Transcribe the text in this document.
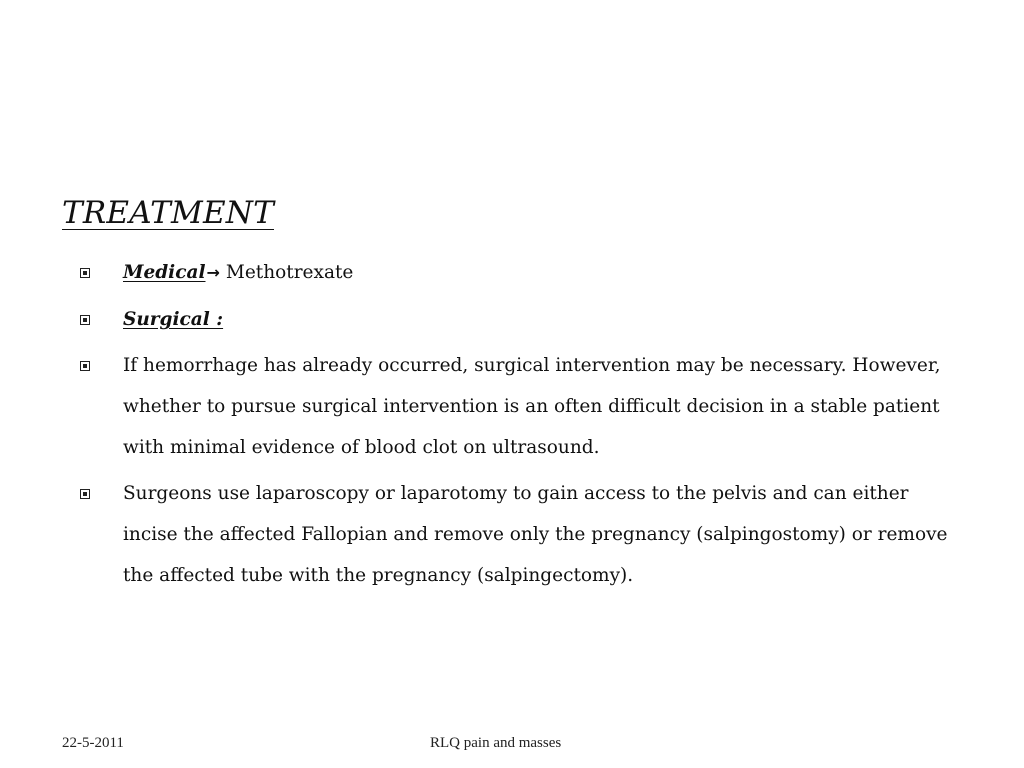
TREATMENT
Medical→ Methotrexate
Surgical :
If hemorrhage has already occurred, surgical intervention may be necessary. However, whether to pursue surgical intervention is an often difficult decision in a stable patient with minimal evidence of blood clot on ultrasound.
Surgeons use laparoscopy or laparotomy to gain access to the pelvis and can either incise the affected Fallopian and remove only the pregnancy (salpingostomy) or remove the affected tube with the pregnancy (salpingectomy).
22-5-2011	RLQ pain and masses
